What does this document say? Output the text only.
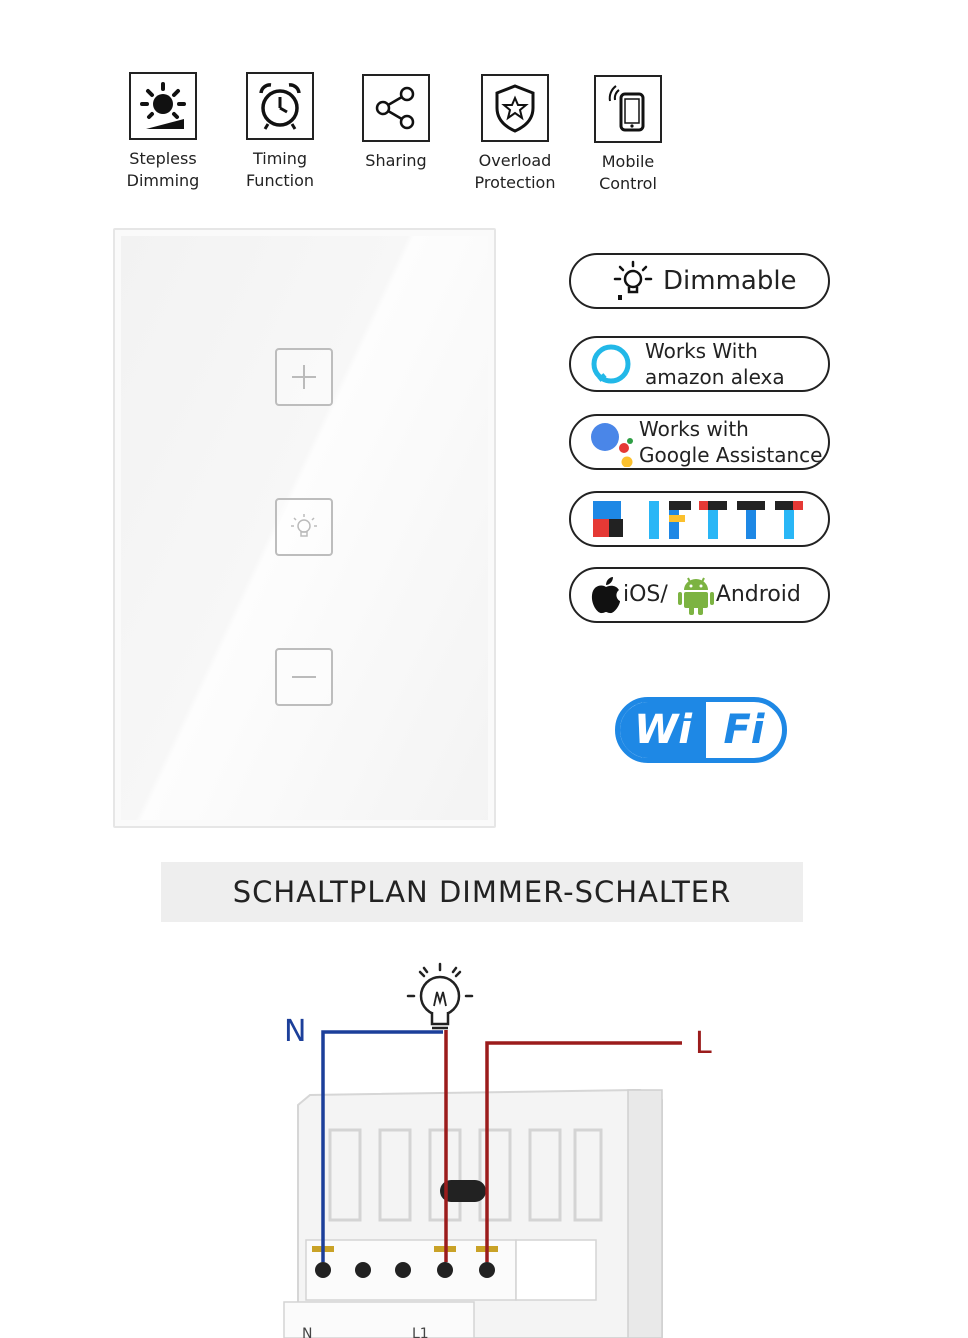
Stepless
Dimming
Timing
Function
Sharing	Overload
Protection
Mobile
Control
Dimmable
Works With
amazon alexa
Works with
Google Assistance
iOS/ Android
Wi Fi
SCHALTPLAN DIMMER-SCHALTER
N	L
N	L1
